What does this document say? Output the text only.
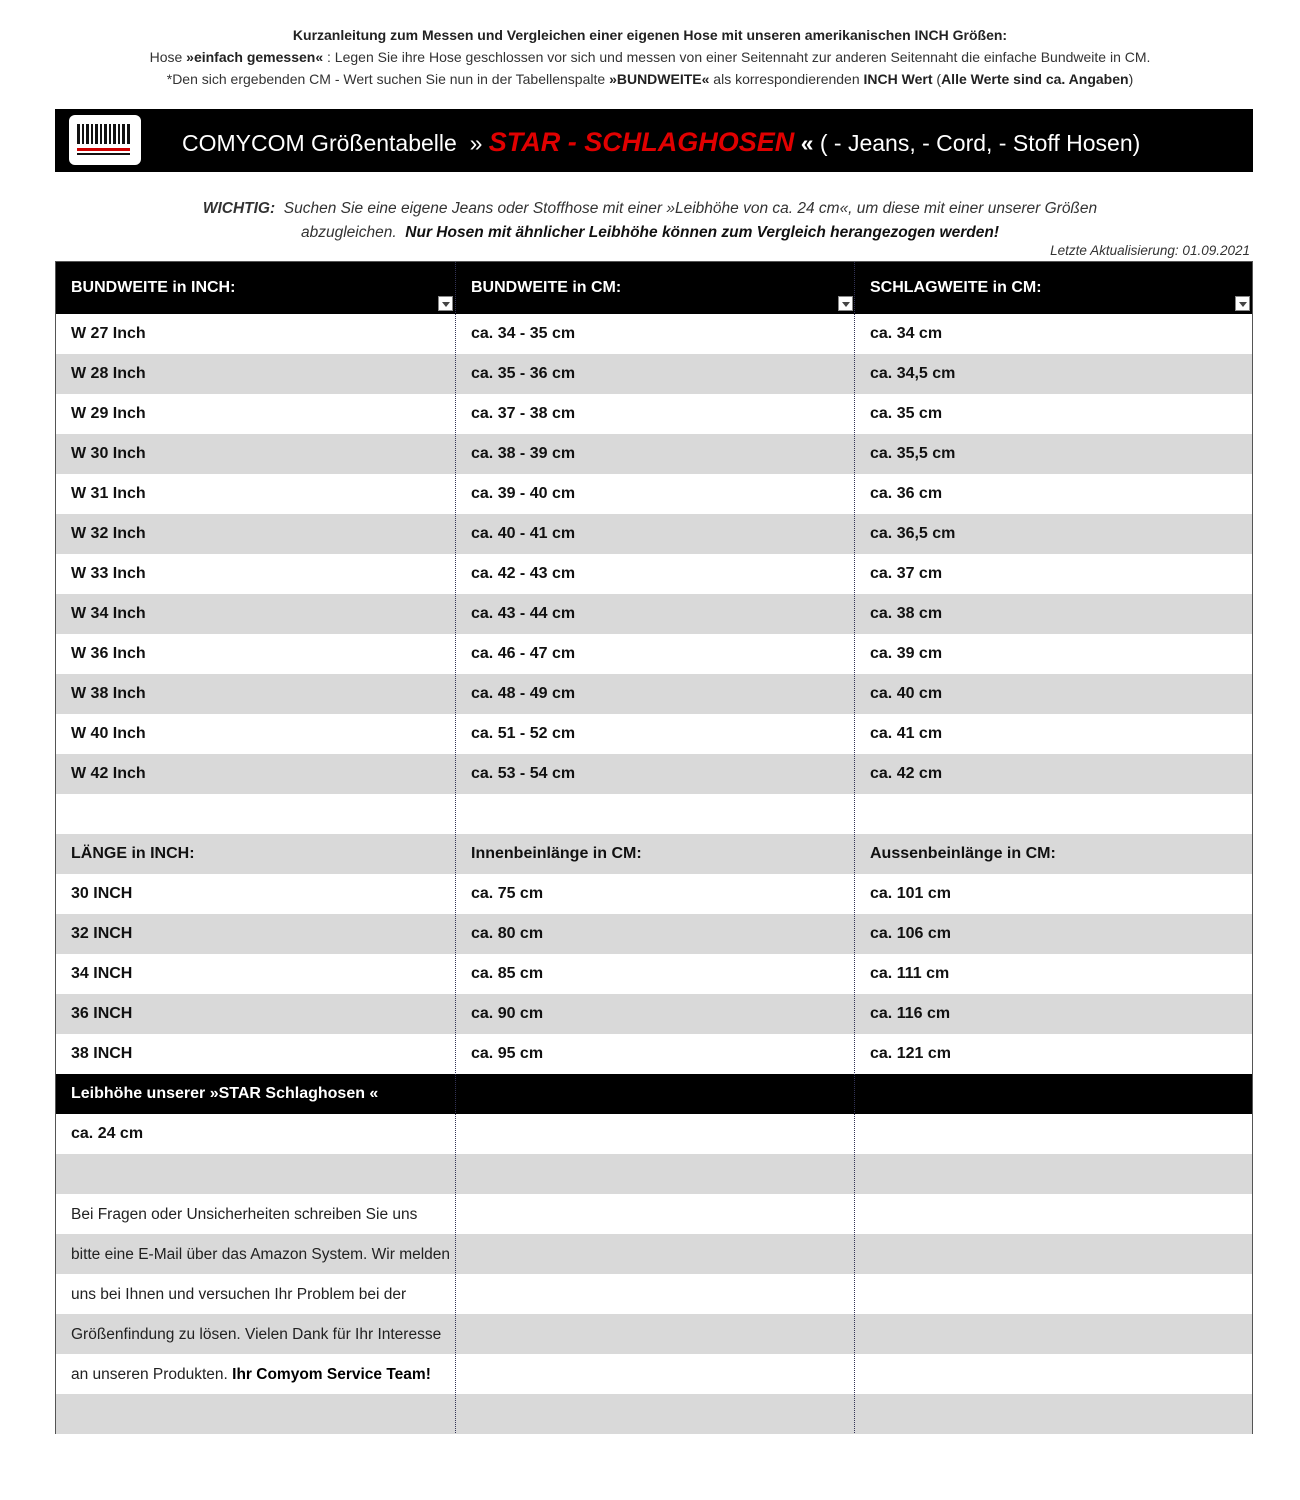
Kurzanleitung zum Messen und Vergleichen einer eigenen Hose mit unseren amerikanischen INCH Größen:
Hose »einfach gemessen« : Legen Sie ihre Hose geschlossen vor sich und messen von einer Seitennaht zur anderen Seitennaht die einfache Bundweite in CM.
*Den sich ergebenden CM - Wert suchen Sie nun in der Tabellenspalte »BUNDWEITE« als korrespondierenden INCH Wert (Alle Werte sind ca. Angaben)
COMYCOM Größentabelle » STAR - SCHLAGHOSEN « ( - Jeans, - Cord, - Stoff Hosen)
WICHTIG: Suchen Sie eine eigene Jeans oder Stoffhose mit einer »Leibhöhe von ca. 24 cm«, um diese mit einer unserer Größen
abzugleichen. Nur Hosen mit ähnlicher Leibhöhe können zum Vergleich herangezogen werden!
Letzte Aktualisierung: 01.09.2021
BUNDWEITE in INCH:	BUNDWEITE in CM:	SCHLAGWEITE in CM:
W 27 Inch	ca. 34 - 35 cm	ca. 34 cm
W 28 Inch	ca. 35 - 36 cm	ca. 34,5 cm
W 29 Inch	ca. 37 - 38 cm	ca. 35 cm
W 30 Inch	ca. 38 - 39 cm	ca. 35,5 cm
W 31 Inch	ca. 39 - 40 cm	ca. 36 cm
W 32 Inch	ca. 40 - 41 cm	ca. 36,5 cm
W 33 Inch	ca. 42 - 43 cm	ca. 37 cm
W 34 Inch	ca. 43 - 44 cm	ca. 38 cm
W 36 Inch	ca. 46 - 47 cm	ca. 39 cm
W 38 Inch	ca. 48 - 49 cm	ca. 40 cm
W 40 Inch	ca. 51 - 52 cm	ca. 41 cm
W 42 Inch	ca. 53 - 54 cm	ca. 42 cm
LÄNGE in INCH:	Innenbeinlänge in CM:	Aussenbeinlänge in CM:
30 INCH	ca. 75 cm	ca. 101 cm
32 INCH	ca. 80 cm	ca. 106 cm
34 INCH	ca. 85 cm	ca. 111 cm
36 INCH	ca. 90 cm	ca. 116 cm
38 INCH	ca. 95 cm	ca. 121 cm
Leibhöhe unserer »STAR Schlaghosen «
ca. 24 cm
Bei Fragen oder Unsicherheiten schreiben Sie uns
bitte eine E-Mail über das Amazon System. Wir melden
uns bei Ihnen und versuchen Ihr Problem bei der
Größenfindung zu lösen. Vielen Dank für Ihr Interesse
an unseren Produkten. Ihr Comyom Service Team!
